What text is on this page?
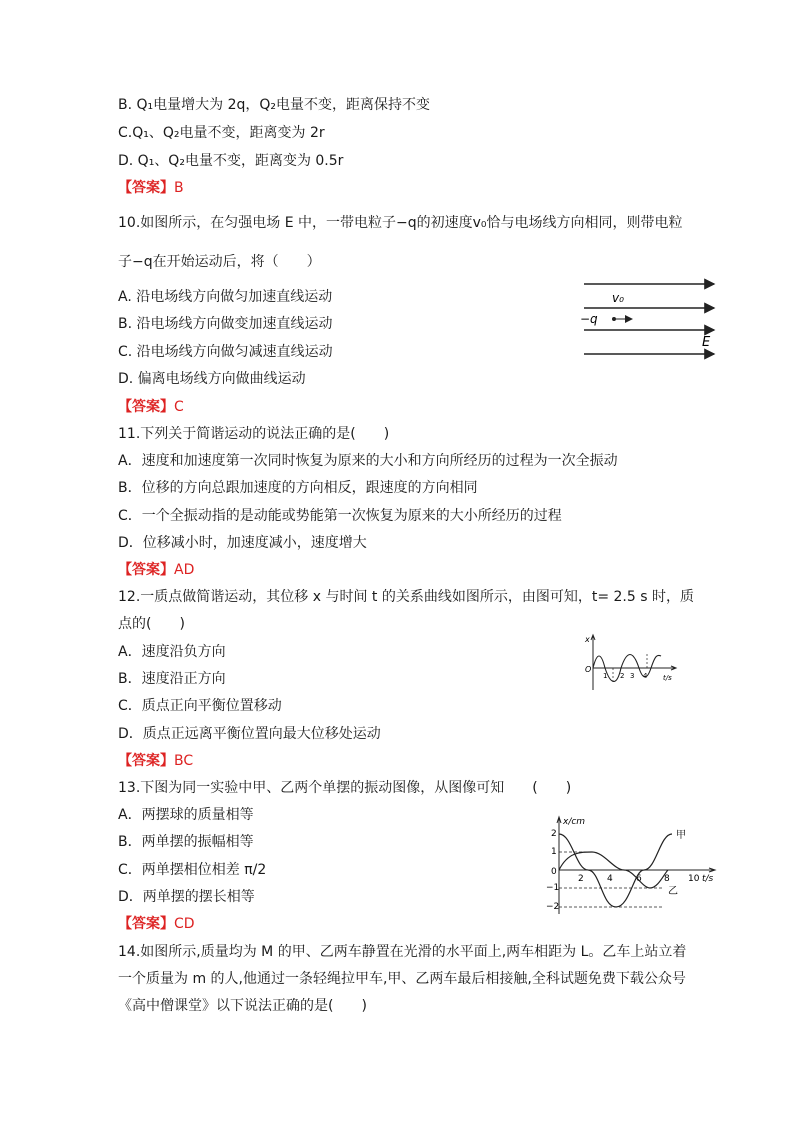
B. Q₁电量增大为 2q，Q₂电量不变，距离保持不变
C.Q₁、Q₂电量不变，距离变为 2r
D. Q₁、Q₂电量不变，距离变为 0.5r
【答案】B
10.如图所示，在匀强电场 E 中，一带电粒子−q的初速度v₀恰与电场线方向相同，则带电粒
子−q在开始运动后，将（　　）
A. 沿电场线方向做匀加速直线运动
B. 沿电场线方向做变加速直线运动
C. 沿电场线方向做匀减速直线运动
D. 偏离电场线方向做曲线运动
【答案】C
v₀
−q
E
11.下列关于简谐运动的说法正确的是(　　)
A．速度和加速度第一次同时恢复为原来的大小和方向所经历的过程为一次全振动
B．位移的方向总跟加速度的方向相反，跟速度的方向相同
C．一个全振动指的是动能或势能第一次恢复为原来的大小所经历的过程
D．位移减小时，加速度减小，速度增大
【答案】AD
12.一质点做简谐运动，其位移 x 与时间 t 的关系曲线如图所示，由图可知，t= 2.5 s 时，质
点的(　　)
A．速度沿负方向
B．速度沿正方向
C．质点正向平衡位置移动
D．质点正远离平衡位置向最大位移处运动
【答案】BC
x
O
t/s
1 2 3 4
13.下图为同一实验中甲、乙两个单摆的振动图像，从图像可知　　(　　)
A．两摆球的质量相等
B．两单摆的振幅相等
C．两单摆相位相差 π/2
D．两单摆的摆长相等
【答案】CD
x/cm
2
1
0
−1
−2
2	4	6 8 10 t/s
甲
乙
14.如图所示,质量均为 M 的甲、乙两车静置在光滑的水平面上,两车相距为 L。乙车上站立着
一个质量为 m 的人,他通过一条轻绳拉甲车,甲、乙两车最后相接触,全科试题免费下载公众号
《高中僧课堂》以下说法正确的是(　　)
